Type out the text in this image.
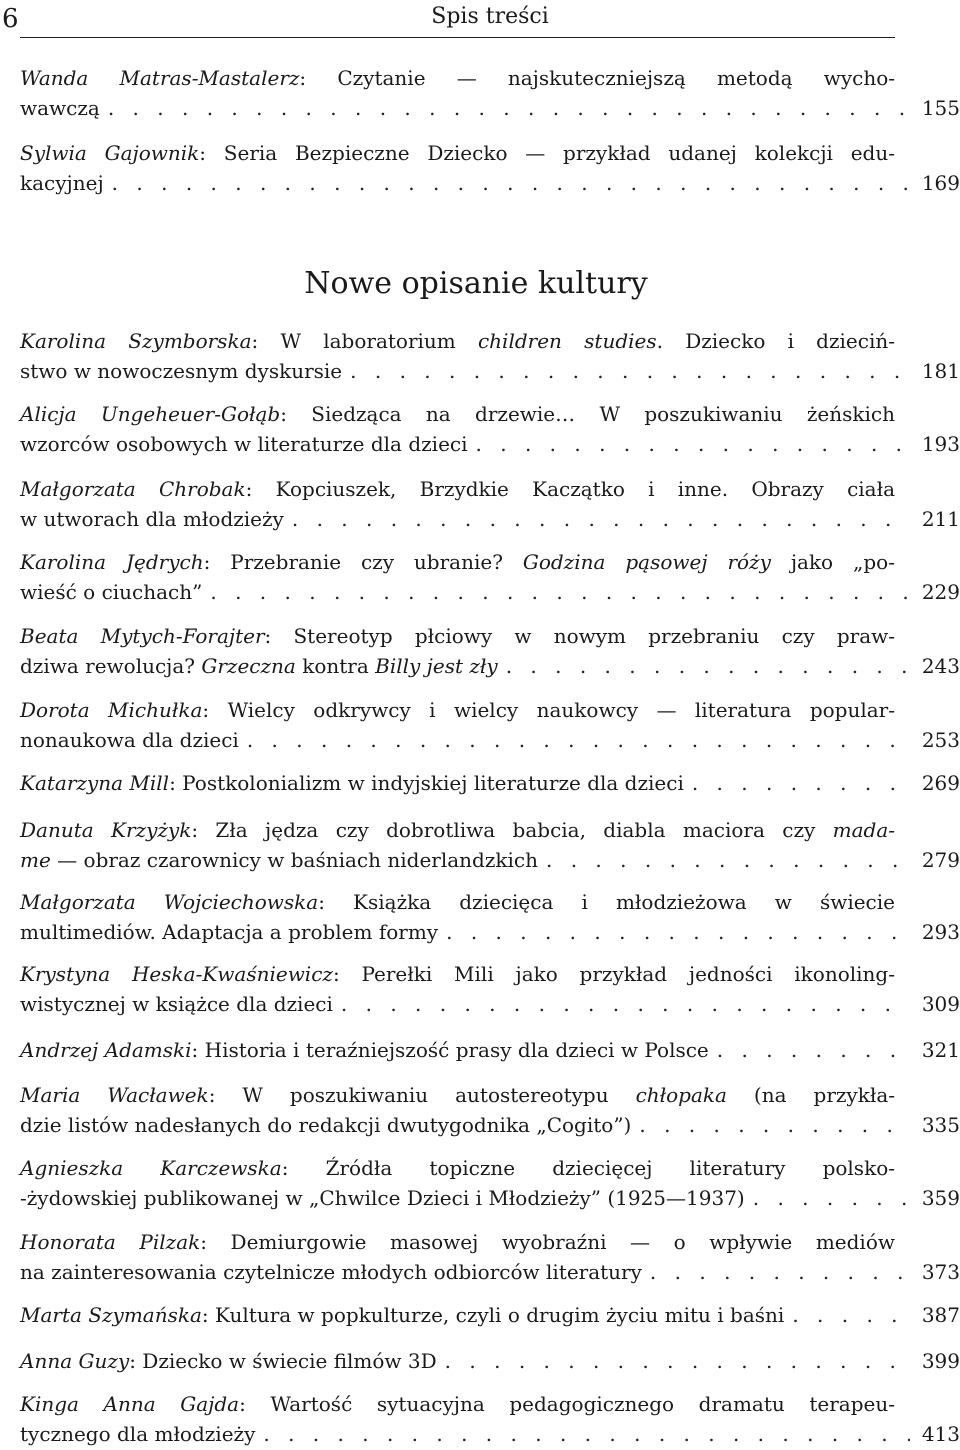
6	Spis treści
Wanda Matras-Mastalerz: Czytanie — najskuteczniejszą metodą wycho-
wawczą . . .	155
Sylwia Gajownik: Seria Bezpieczne Dziecko — przykład udanej kolekcji edu-
kacyjnej . . .	169
Nowe opisanie kultury
Karolina Szymborska: W laboratorium children studies. Dziecko i dzieciń-
stwo w nowoczesnym dyskursie . . .	181
Alicja Ungeheuer-Gołąb: Siedząca na drzewie… W poszukiwaniu żeńskich
wzorców osobowych w literaturze dla dzieci . . .	193
Małgorzata Chrobak: Kopciuszek, Brzydkie Kaczątko i inne. Obrazy ciała
w utworach dla młodzieży . . .	211
Karolina Jędrych: Przebranie czy ubranie? Godzina pąsowej róży jako „po-
wieść o ciuchach” . . .	229
Beata Mytych-Forajter: Stereotyp płciowy w nowym przebraniu czy praw-
dziwa rewolucja? Grzeczna kontra Billy jest zły . . .	243
Dorota Michułka: Wielcy odkrywcy i wielcy naukowcy — literatura popular-
nonaukowa dla dzieci . . .	253
Katarzyna Mill: Postkolonializm w indyjskiej literaturze dla dzieci . . .	269
Danuta Krzyżyk: Zła jędza czy dobrotliwa babcia, diabla maciora czy mada-
me — obraz czarownicy w baśniach niderlandzkich . . .	279
Małgorzata Wojciechowska: Książka dziecięca i młodzieżowa w świecie
multimediów. Adaptacja a problem formy . . .	293
Krystyna Heska-Kwaśniewicz: Perełki Mili jako przykład jedności ikonoling-
wistycznej w książce dla dzieci . . .	309
Andrzej Adamski: Historia i teraźniejszość prasy dla dzieci w Polsce . . .	321
Maria Wacławek: W poszukiwaniu autostereotypu chłopaka (na przykła-
dzie listów nadesłanych do redakcji dwutygodnika „Cogito”) . . .	335
Agnieszka Karczewska: Źródła topiczne dziecięcej literatury polsko-
-żydowskiej publikowanej w „Chwilce Dzieci i Młodzieży” (1925—1937) . . .	359
Honorata Pilzak: Demiurgowie masowej wyobraźni — o wpływie mediów
na zainteresowania czytelnicze młodych odbiorców literatury . . .	373
Marta Szymańska: Kultura w popkulturze, czyli o drugim życiu mitu i baśni . . .	387
Anna Guzy: Dziecko w świecie filmów 3D . . .	399
Kinga Anna Gajda: Wartość sytuacyjna pedagogicznego dramatu terapeu-
tycznego dla młodzieży . . .	413
